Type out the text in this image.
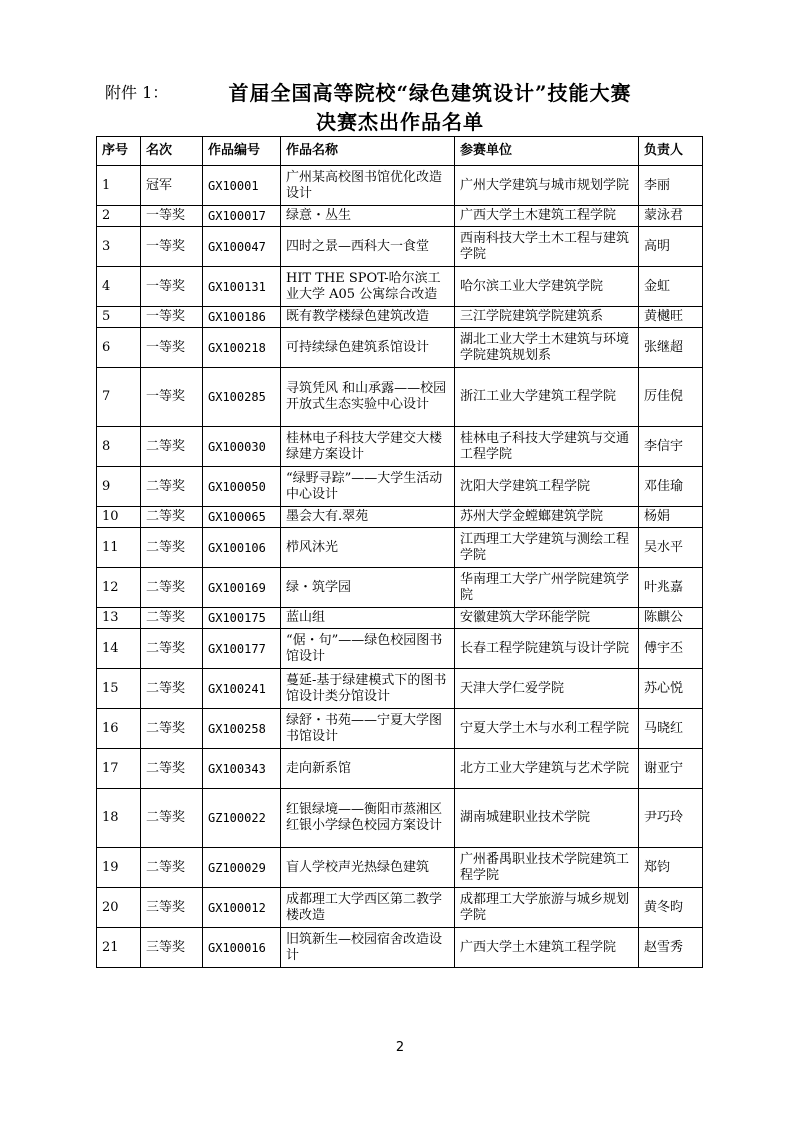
附件 1：	首届全国高等院校“绿色建筑设计”技能大赛
决赛杰出作品名单
序号	名次	作品编号	作品名称	参赛单位	负责人
1	冠军	GX10001	广州某高校图书馆优化改造设计	广州大学建筑与城市规划学院	李丽
2	一等奖	GX100017	绿意・丛生	广西大学土木建筑工程学院	蒙泳君
3	一等奖	GX100047	四时之景—西科大一食堂	西南科技大学土木工程与建筑学院	高明
4	一等奖	GX100131	HIT THE SPOT-哈尔滨工业大学 A05 公寓综合改造	哈尔滨工业大学建筑学院	金虹
5	一等奖	GX100186	既有教学楼绿色建筑改造	三江学院建筑学院建筑系	黄樾旺
6	一等奖	GX100218	可持续绿色建筑系馆设计	湖北工业大学土木建筑与环境学院建筑规划系	张继超
7	一等奖	GX100285	寻筑凭风 和山承露——校园开放式生态实验中心设计	浙江工业大学建筑工程学院	厉佳倪
8	二等奖	GX100030	桂林电子科技大学建交大楼绿建方案设计	桂林电子科技大学建筑与交通工程学院	李信宇
9	二等奖	GX100050	“绿野寻踪”——大学生活动中心设计	沈阳大学建筑工程学院	邓佳瑜
10	二等奖	GX100065	墨会大有.翠苑	苏州大学金螳螂建筑学院	杨娟
11	二等奖	GX100106	栉风沐光	江西理工大学建筑与测绘工程学院	吴水平
12	二等奖	GX100169	绿・筑学园	华南理工大学广州学院建筑学院	叶兆嘉
13	二等奖	GX100175	蓝山组	安徽建筑大学环能学院	陈麒公
14	二等奖	GX100177	“倨・句”——绿色校园图书馆设计	长春工程学院建筑与设计学院	傅宇丕
15	二等奖	GX100241	蔓延-基于绿建模式下的图书馆设计类分馆设计	天津大学仁爱学院	苏心悦
16	二等奖	GX100258	绿舒・书苑——宁夏大学图书馆设计	宁夏大学土木与水利工程学院	马晓红
17	二等奖	GX100343	走向新系馆	北方工业大学建筑与艺术学院	谢亚宁
18	二等奖	GZ100022	红银绿境——衡阳市蒸湘区红银小学绿色校园方案设计	湖南城建职业技术学院	尹巧玲
19	二等奖	GZ100029	盲人学校声光热绿色建筑	广州番禺职业技术学院建筑工程学院	郑钧
20	三等奖	GX100012	成都理工大学西区第二教学楼改造	成都理工大学旅游与城乡规划学院	黄冬昀
21	三等奖	GX100016	旧筑新生—校园宿舍改造设计	广西大学土木建筑工程学院	赵雪秀
2
